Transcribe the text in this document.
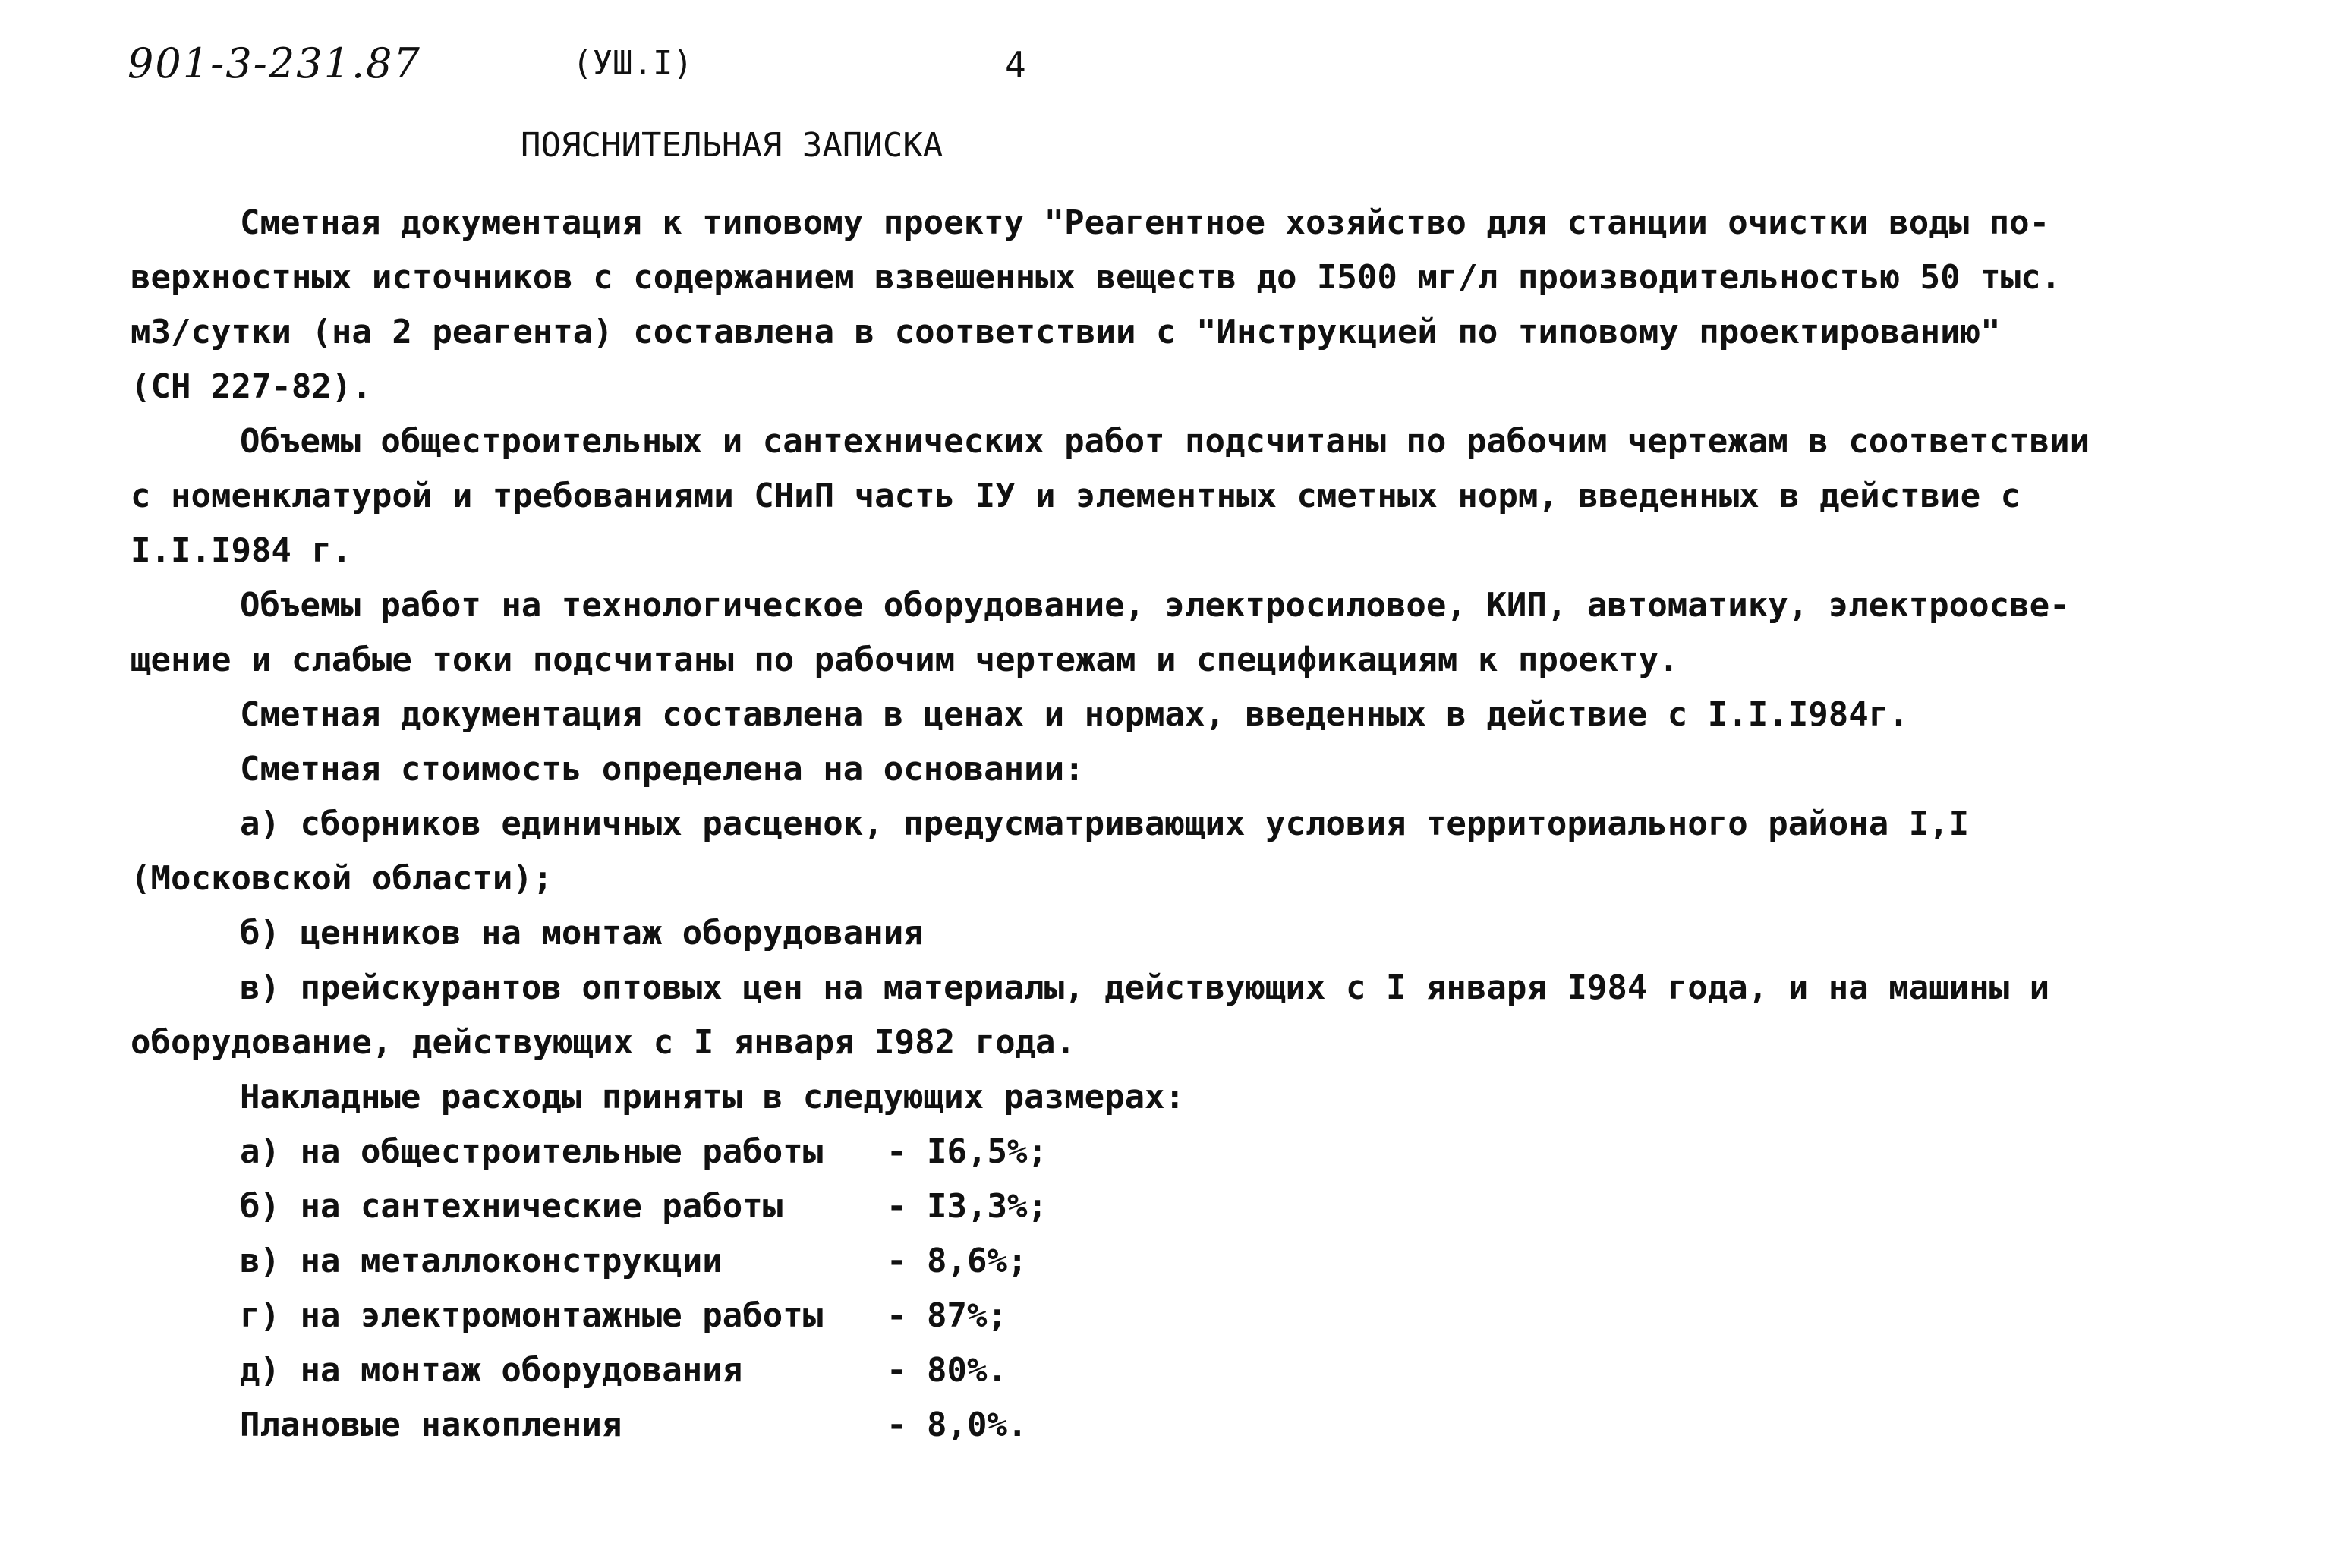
901-3-231.87	(УШ.I)	4
ПОЯСНИТЕЛЬНАЯ ЗАПИСКА
Сметная документация к типовому проекту "Реагентное хозяйство для станции очистки воды по-
верхностных источников с содержанием взвешенных веществ до I500 мг/л производительностью 50 тыс.
м3/сутки (на 2 реагента) составлена в соответствии с "Инструкцией по типовому проектированию"
(СН 227-82).
Объемы общестроительных и сантехнических работ подсчитаны по рабочим чертежам в соответствии
с номенклатурой и требованиями СНиП часть IУ и элементных сметных норм, введенных в действие с
I.I.I984 г.
Объемы работ на технологическое оборудование, электросиловое, КИП, автоматику, электроосве-
щение и слабые токи подсчитаны по рабочим чертежам и спецификациям к проекту.
Сметная документация составлена в ценах и нормах, введенных в действие с I.I.I984г.
Сметная стоимость определена на основании:
а) сборников единичных расценок, предусматривающих условия территориального района I,I
(Московской области);
б) ценников на монтаж оборудования
в) прейскурантов оптовых цен на материалы, действующих с I января I984 года, и на машины и
оборудование, действующих с I января I982 года.
Накладные расходы приняты в следующих размерах:
а) на общестроительные работы - I6,5%;
б) на сантехнические работы	- I3,3%;
в) на металлоконструкции	- 8,6%;
г) на электромонтажные работы - 87%;
д) на монтаж оборудования	- 80%.
Плановые накопления	- 8,0%.
